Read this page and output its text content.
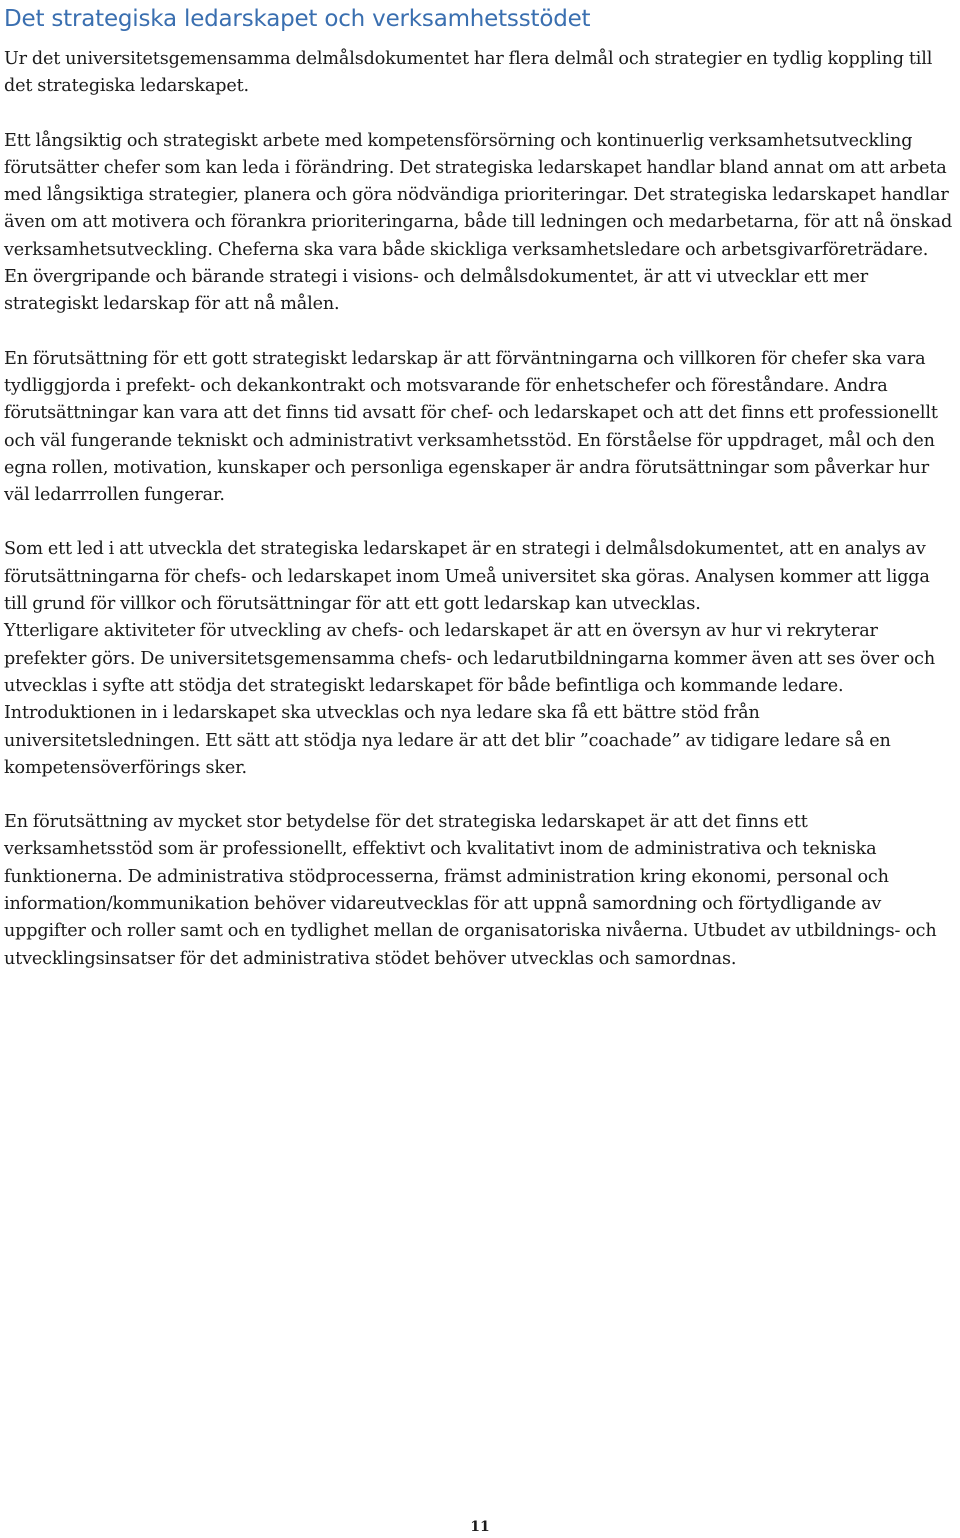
Det strategiska ledarskapet och verksamhetsstödet

Ur det universitetsgemensamma delmålsdokumentet har flera delmål och strategier en tydlig koppling till det strategiska ledarskapet.

Ett långsiktig och strategiskt arbete med kompetensförsörning och kontinuerlig verksamhetsutveckling förutsätter chefer som kan leda i förändring. Det strategiska ledarskapet handlar bland annat om att arbeta med långsiktiga strategier, planera och göra nödvändiga prioriteringar. Det strategiska ledarskapet handlar även om att motivera och förankra prioriteringarna, både till ledningen och medarbetarna, för att nå önskad verksamhetsutveckling. Cheferna ska vara både skickliga verksamhetsledare och arbetsgivarföreträdare. En övergripande och bärande strategi i visions- och delmålsdokumentet, är att vi utvecklar ett mer strategiskt ledarskap för att nå målen.

En förutsättning för ett gott strategiskt ledarskap är att förväntningarna och villkoren för chefer ska vara tydliggjorda i prefekt- och dekankontrakt och motsvarande för enhetschefer och föreståndare. Andra förutsättningar kan vara att det finns tid avsatt för chef- och ledarskapet och att det finns ett professionellt och väl fungerande tekniskt och administrativt verksamhetsstöd. En förståelse för uppdraget, mål och den egna rollen, motivation, kunskaper och personliga egenskaper är andra förutsättningar som påverkar hur väl ledarrrollen fungerar.

Som ett led i att utveckla det strategiska ledarskapet är en strategi i delmålsdokumentet, att en analys av förutsättningarna för chefs- och ledarskapet inom Umeå universitet ska göras. Analysen kommer att ligga till grund för villkor och förutsättningar för att ett gott ledarskap kan utvecklas.

Ytterligare aktiviteter för utveckling av chefs- och ledarskapet är att en översyn av hur vi rekryterar prefekter görs. De universitetsgemensamma chefs- och ledarutbildningarna kommer även att ses över och utvecklas i syfte att stödja det strategiskt ledarskapet för både befintliga och kommande ledare. Introduktionen in i ledarskapet ska utvecklas och nya ledare ska få ett bättre stöd från universitetsledningen. Ett sätt att stödja nya ledare är att det blir ”coachade” av tidigare ledare så en kompetensöverförings sker.

En förutsättning av mycket stor betydelse för det strategiska ledarskapet är att det finns ett verksamhetsstöd som är professionellt, effektivt och kvalitativt inom de administrativa och tekniska funktionerna. De administrativa stödprocesserna, främst administration kring ekonomi, personal och information/kommunikation behöver vidareutvecklas för att uppnå samordning och förtydligande av uppgifter och roller samt och en tydlighet mellan de organisatoriska nivåerna. Utbudet av utbildnings- och utvecklingsinsatser för det administrativa stödet behöver utvecklas och samordnas.

11
